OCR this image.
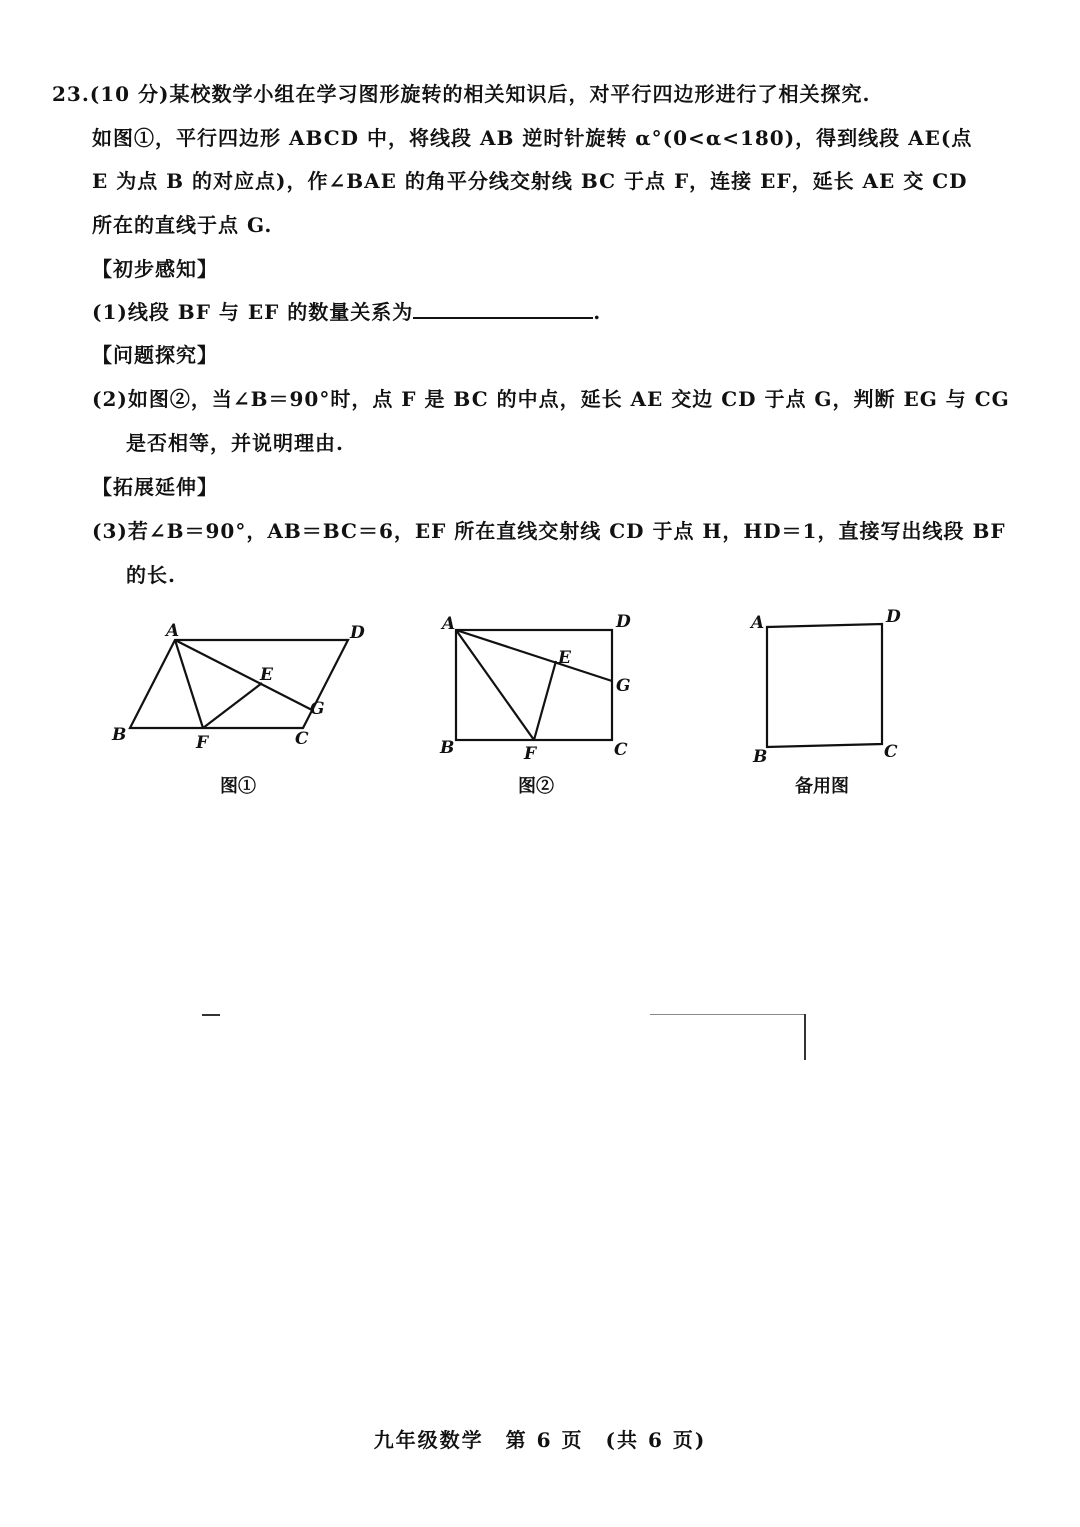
23.(10 分)某校数学小组在学习图形旋转的相关知识后，对平行四边形进行了相关探究.
如图①，平行四边形 ABCD 中，将线段 AB 逆时针旋转 α°(0<α<180)，得到线段 AE(点
E 为点 B 的对应点)，作∠BAE 的角平分线交射线 BC 于点 F，连接 EF，延长 AE 交 CD
所在的直线于点 G.
【初步感知】
(1)线段 BF 与 EF 的数量关系为	.
【问题探究】
(2)如图②，当∠B＝90°时，点 F 是 BC 的中点，延长 AE 交边 CD 于点 G，判断 EG 与 CG
是否相等，并说明理由.
【拓展延伸】
(3)若∠B＝90°，AB＝BC＝6，EF 所在直线交射线 CD 于点 H，HD＝1，直接写出线段 BF
的长.
A	D
B	F	C
E
G
图①
A	D
B	F	C
E
G
图②
A	D
B	C
备用图
九年级数学　第 6 页　(共 6 页)
